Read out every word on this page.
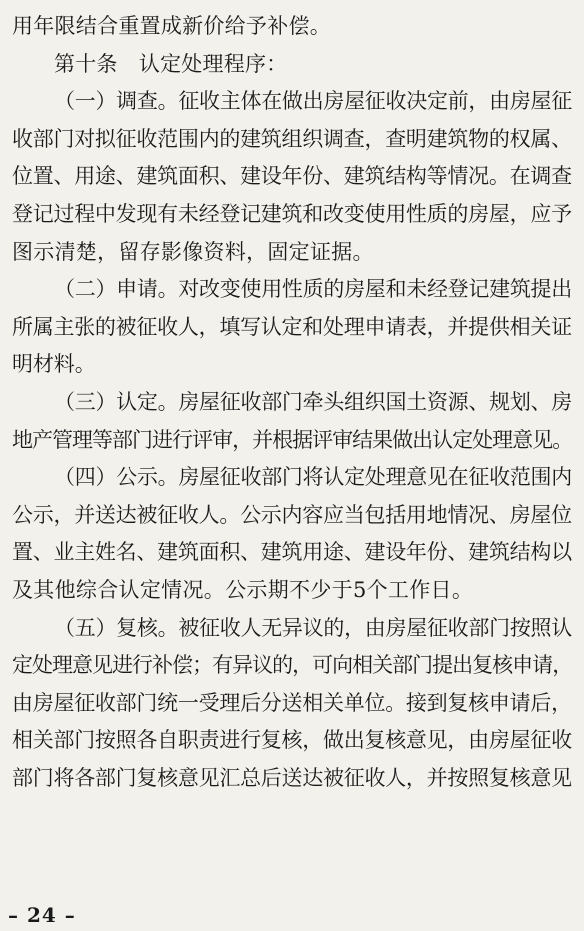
用年限结合重置成新价给予补偿。

第十条　认定处理程序：

（一）调查。征收主体在做出房屋征收决定前，由房屋征

收部门对拟征收范围内的建筑组织调查，查明建筑物的权属、

位置、用途、建筑面积、建设年份、建筑结构等情况。在调查

登记过程中发现有未经登记建筑和改变使用性质的房屋，应予

图示清楚，留存影像资料，固定证据。

（二）申请。对改变使用性质的房屋和未经登记建筑提出

所属主张的被征收人，填写认定和处理申请表，并提供相关证

明材料。

（三）认定。房屋征收部门牵头组织国土资源、规划、房

地产管理等部门进行评审，并根据评审结果做出认定处理意见。

（四）公示。房屋征收部门将认定处理意见在征收范围内

公示，并送达被征收人。公示内容应当包括用地情况、房屋位

置、业主姓名、建筑面积、建筑用途、建设年份、建筑结构以

及其他综合认定情况。公示期不少于5个工作日。

（五）复核。被征收人无异议的，由房屋征收部门按照认

定处理意见进行补偿；有异议的，可向相关部门提出复核申请，

由房屋征收部门统一受理后分送相关单位。接到复核申请后，

相关部门按照各自职责进行复核，做出复核意见，由房屋征收

部门将各部门复核意见汇总后送达被征收人，并按照复核意见

– 24 –
